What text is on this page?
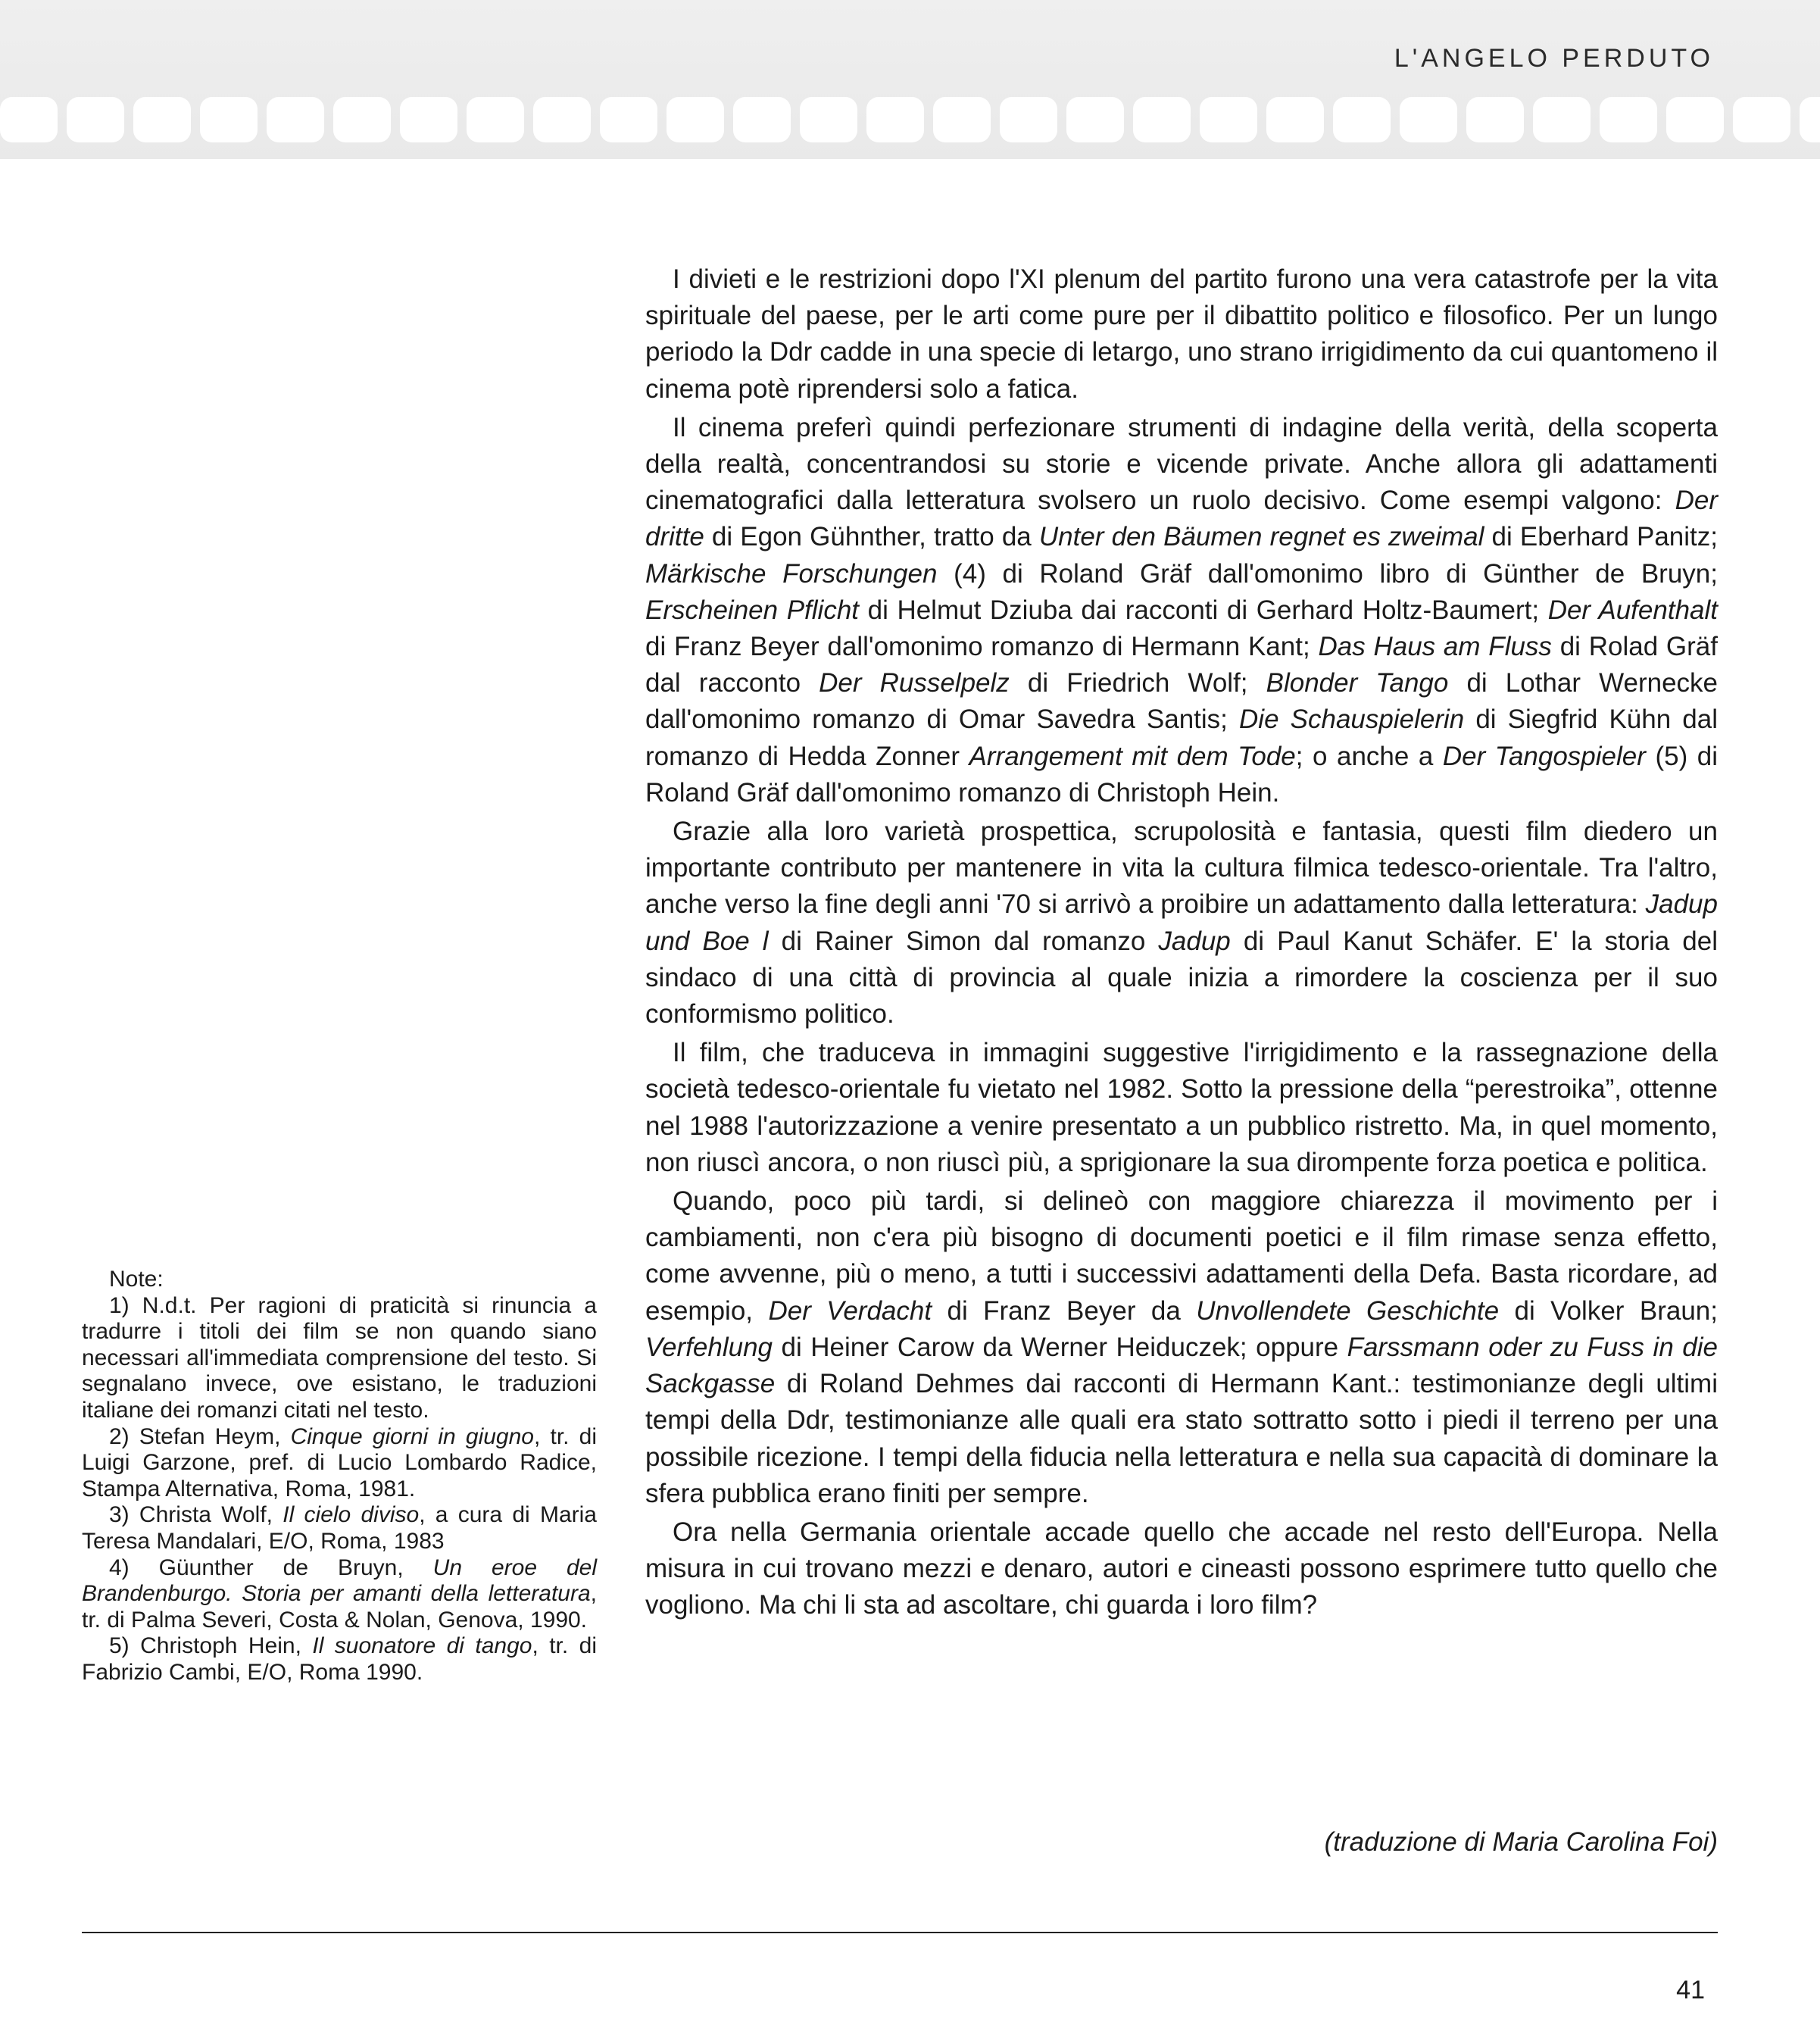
L'ANGELO PERDUTO

I divieti e le restrizioni dopo l'XI plenum del partito furono una vera catastrofe per la vita spirituale del paese, per le arti come pure per il dibattito politico e filosofico. Per un lungo periodo la Ddr cadde in una specie di letargo, uno strano irrigidimento da cui quantomeno il cinema potè riprendersi solo a fatica.

Il cinema preferì quindi perfezionare strumenti di indagine della verità, della scoperta della realtà, concentrandosi su storie e vicende private. Anche allora gli adattamenti cinematografici dalla letteratura svolsero un ruolo decisivo. Come esempi valgono: Der dritte di Egon Gühnther, tratto da Unter den Bäumen regnet es zweimal di Eberhard Panitz; Märkische Forschungen (4) di Roland Gräf dall'omonimo libro di Günther de Bruyn; Erscheinen Pflicht di Helmut Dziuba dai racconti di Gerhard Holtz-Baumert; Der Aufenthalt di Franz Beyer dall'omonimo romanzo di Hermann Kant; Das Haus am Fluss di Rolad Gräf dal racconto Der Russelpelz di Friedrich Wolf; Blonder Tango di Lothar Wernecke dall'omonimo romanzo di Omar Savedra Santis; Die Schauspielerin di Siegfrid Kühn dal romanzo di Hedda Zonner Arrangement mit dem Tode; o anche a Der Tangospieler (5) di Roland Gräf dall'omonimo romanzo di Christoph Hein.

Grazie alla loro varietà prospettica, scrupolosità e fantasia, questi film diedero un importante contributo per mantenere in vita la cultura filmica tedesco-orientale. Tra l'altro, anche verso la fine degli anni '70 si arrivò a proibire un adattamento dalla letteratura: Jadup und Boe l di Rainer Simon dal romanzo Jadup di Paul Kanut Schäfer. E' la storia del sindaco di una città di provincia al quale inizia a rimordere la coscienza per il suo conformismo politico.

Il film, che traduceva in immagini suggestive l'irrigidimento e la rassegnazione della società tedesco-orientale fu vietato nel 1982. Sotto la pressione della “perestroika”, ottenne nel 1988 l'autorizzazione a venire presentato a un pubblico ristretto. Ma, in quel momento, non riuscì ancora, o non riuscì più, a sprigionare la sua dirompente forza poetica e politica.

Quando, poco più tardi, si delineò con maggiore chiarezza il movimento per i cambiamenti, non c'era più bisogno di documenti poetici e il film rimase senza effetto, come avvenne, più o meno, a tutti i successivi adattamenti della Defa. Basta ricordare, ad esempio, Der Verdacht di Franz Beyer da Unvollendete Geschichte di Volker Braun; Verfehlung di Heiner Carow da Werner Heiduczek; oppure Farssmann oder zu Fuss in die Sackgasse di Roland Dehmes dai racconti di Hermann Kant.: testimonianze degli ultimi tempi della Ddr, testimonianze alle quali era stato sottratto sotto i piedi il terreno per una possibile ricezione. I tempi della fiducia nella letteratura e nella sua capacità di dominare la sfera pubblica erano finiti per sempre.

Ora nella Germania orientale accade quello che accade nel resto dell'Europa. Nella misura in cui trovano mezzi e denaro, autori e cineasti possono esprimere tutto quello che vogliono. Ma chi li sta ad ascoltare, chi guarda i loro film?

(traduzione di Maria Carolina Foi)

Note:

1) N.d.t. Per ragioni di praticità si rinuncia a tradurre i titoli dei film se non quando siano necessari all'immediata comprensione del testo. Si segnalano invece, ove esistano, le traduzioni italiane dei romanzi citati nel testo.

2) Stefan Heym, Cinque giorni in giugno, tr. di Luigi Garzone, pref. di Lucio Lombardo Radice, Stampa Alternativa, Roma, 1981.

3) Christa Wolf, Il cielo diviso, a cura di Maria Teresa Mandalari, E/O, Roma, 1983

4) Güunther de Bruyn, Un eroe del Brandenburgo. Storia per amanti della letteratura, tr. di Palma Severi, Costa & Nolan, Genova, 1990.

5) Christoph Hein, Il suonatore di tango, tr. di Fabrizio Cambi, E/O, Roma 1990.

41
